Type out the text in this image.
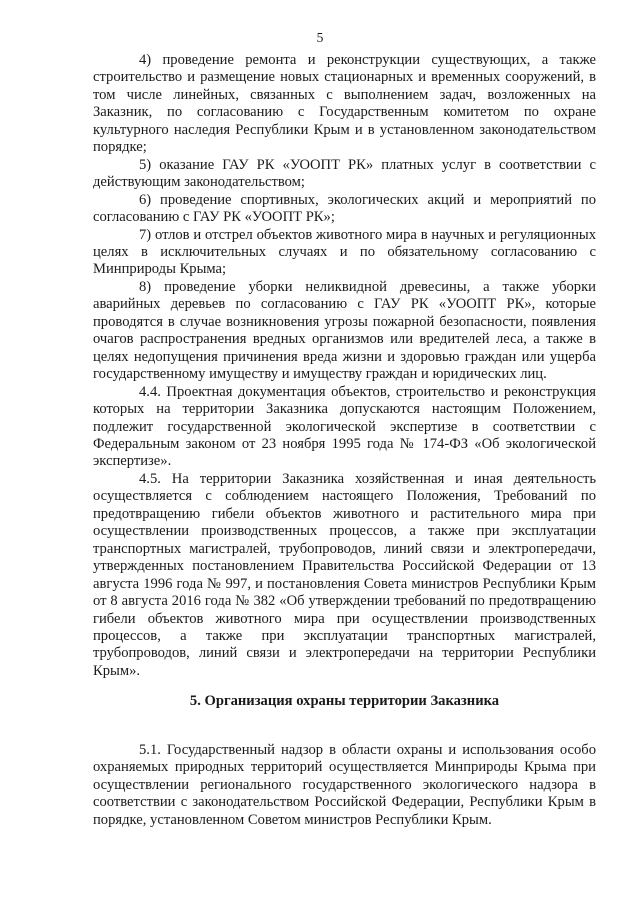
5

4) проведение ремонта и реконструкции существующих, а также строительство и размещение новых стационарных и временных сооружений, в том числе линейных, связанных с выполнением задач, возложенных на Заказник, по согласованию с Государственным комитетом по охране культурного наследия Республики Крым и в установленном законодательством порядке;

5) оказание ГАУ РК «УООПТ РК» платных услуг в соответствии с действующим законодательством;

6) проведение спортивных, экологических акций и мероприятий по согласованию с ГАУ РК «УООПТ РК»;

7) отлов и отстрел объектов животного мира в научных и регуляционных целях в исключительных случаях и по обязательному согласованию с Минприроды Крыма;

8) проведение уборки неликвидной древесины, а также уборки аварийных деревьев по согласованию с ГАУ РК «УООПТ РК», которые проводятся в случае возникновения угрозы пожарной безопасности, появления очагов распространения вредных организмов или вредителей леса, а также в целях недопущения причинения вреда жизни и здоровью граждан или ущерба государственному имуществу и имуществу граждан и юридических лиц.

4.4. Проектная документация объектов, строительство и реконструкция которых на территории Заказника допускаются настоящим Положением, подлежит государственной экологической экспертизе в соответствии с Федеральным законом от 23 ноября 1995 года № 174-ФЗ «Об экологической экспертизе».

4.5. На территории Заказника хозяйственная и иная деятельность осуществляется с соблюдением настоящего Положения, Требований по предотвращению гибели объектов животного и растительного мира при осуществлении производственных процессов, а также при эксплуатации транспортных магистралей, трубопроводов, линий связи и электропередачи, утвержденных постановлением Правительства Российской Федерации от 13 августа 1996 года № 997, и постановления Совета министров Республики Крым от 8 августа 2016 года № 382 «Об утверждении требований по предотвращению гибели объектов животного мира при осуществлении производственных процессов, а также при эксплуатации транспортных магистралей, трубопроводов, линий связи и электропередачи на территории Республики Крым».

5. Организация охраны территории Заказника

5.1. Государственный надзор в области охраны и использования особо охраняемых природных территорий осуществляется Минприроды Крыма при осуществлении регионального государственного экологического надзора в соответствии с законодательством Российской Федерации, Республики Крым в порядке, установленном Советом министров Республики Крым.
